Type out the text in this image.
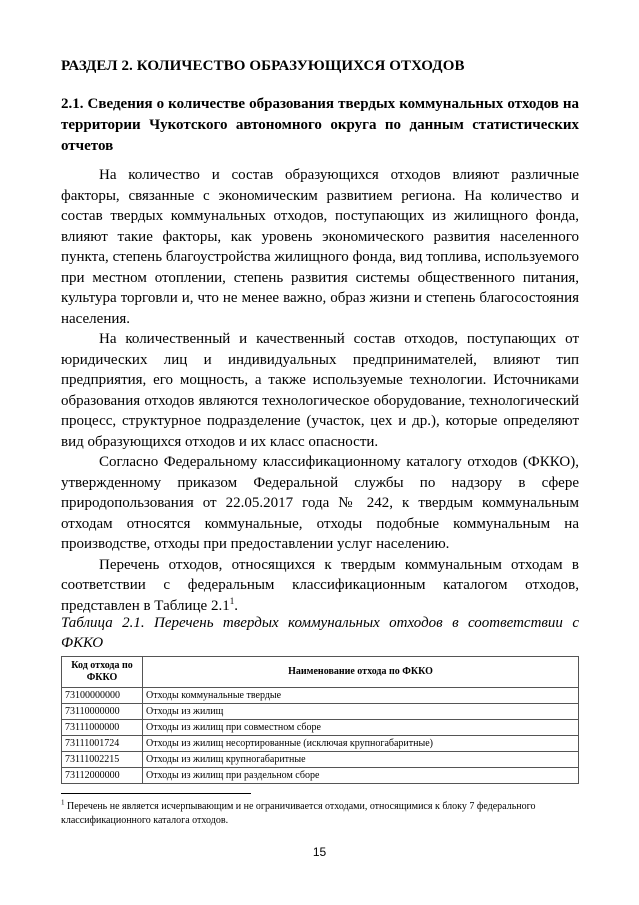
РАЗДЕЛ 2. КОЛИЧЕСТВО ОБРАЗУЮЩИХСЯ ОТХОДОВ
2.1. Сведения о количестве образования твердых коммунальных отходов на территории Чукотского автономного округа по данным статистических отчетов

На количество и состав образующихся отходов влияют различные факторы, связанные с экономическим развитием региона. На количество и состав твердых коммунальных отходов, поступающих из жилищного фонда, влияют такие факторы, как уровень экономического развития населенного пункта, степень благоустройства жилищного фонда, вид топлива, используемого при местном отоплении, степень развития системы общественного питания, культура торговли и, что не менее важно, образ жизни и степень благосостояния населения.

На количественный и качественный состав отходов, поступающих от юридических лиц и индивидуальных предпринимателей, влияют тип предприятия, его мощность, а также используемые технологии. Источниками образования отходов являются технологическое оборудование, технологический процесс, структурное подразделение (участок, цех и др.), которые определяют вид образующихся отходов и их класс опасности.

Согласно Федеральному классификационному каталогу отходов (ФККО), утвержденному приказом Федеральной службы по надзору в сфере природопользования от 22.05.2017 года № 242, к твердым коммунальным отходам относятся коммунальные, отходы подобные коммунальным на производстве, отходы при предоставлении услуг населению.

Перечень отходов, относящихся к твердым коммунальным отходам в соответствии с федеральным классификационным каталогом отходов, представлен в Таблице $2.1^1$.

Таблица 2.1. Перечень твердых коммунальных отходов в соответствии с ФККО
Код отхода по ФККО	Наименование отхода по ФККО
73100000000	Отходы коммунальные твердые
73110000000	Отходы из жилищ
73111000000	Отходы из жилищ при совместном сборе
73111001724	Отходы из жилищ несортированные (исключая крупногабаритные)
73111002215	Отходы из жилищ крупногабаритные
73112000000	Отходы из жилищ при раздельном сборе
$^1$ Перечень не является исчерпывающим и не ограничивается отходами, относящимися к блоку 7 федерального классификационного каталога отходов.
15
